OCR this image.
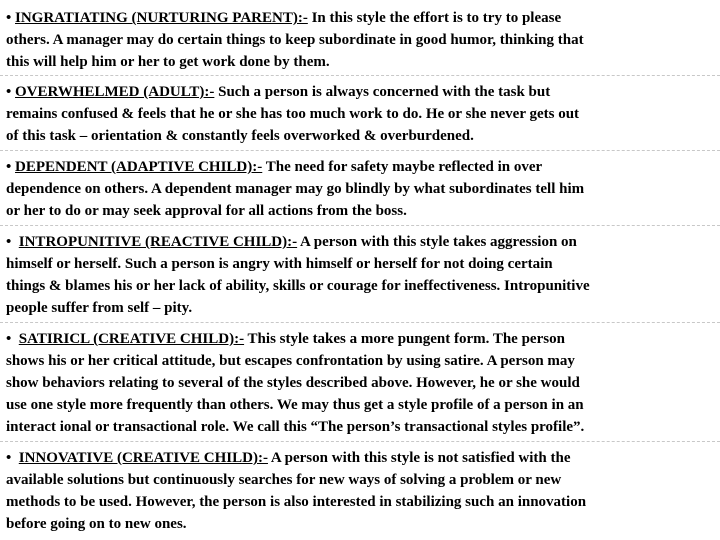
• INGRATIATING (NURTURING PARENT):- In this style the effort is to try to please
others. A manager may do certain things to keep subordinate in good humor, thinking that
this will help him or her to get work done by them.
• OVERWHELMED (ADULT):- Such a person is always concerned with the task but
remains confused & feels that he or she has too much work to do. He or she never gets out
of this task – orientation & constantly feels overworked & overburdened.
• DEPENDENT (ADAPTIVE CHILD):- The need for safety maybe reflected in over
dependence on others. A dependent manager may go blindly by what subordinates tell him
or her to do or may seek approval for all actions from the boss.
• INTROPUNITIVE (REACTIVE CHILD):- A person with this style takes aggression on
himself or herself. Such a person is angry with himself or herself for not doing certain
things & blames his or her lack of ability, skills or courage for ineffectiveness. Intropunitive
people suffer from self – pity.
• SATIRICL (CREATIVE CHILD):- This style takes a more pungent form. The person
shows his or her critical attitude, but escapes confrontation by using satire. A person may
show behaviors relating to several of the styles described above. However, he or she would
use one style more frequently than others. We may thus get a style profile of a person in an
interact ional or transactional role. We call this “The person’s transactional styles profile”.
• INNOVATIVE (CREATIVE CHILD):- A person with this style is not satisfied with the
available solutions but continuously searches for new ways of solving a problem or new
methods to be used. However, the person is also interested in stabilizing such an innovation
before going on to new ones.
